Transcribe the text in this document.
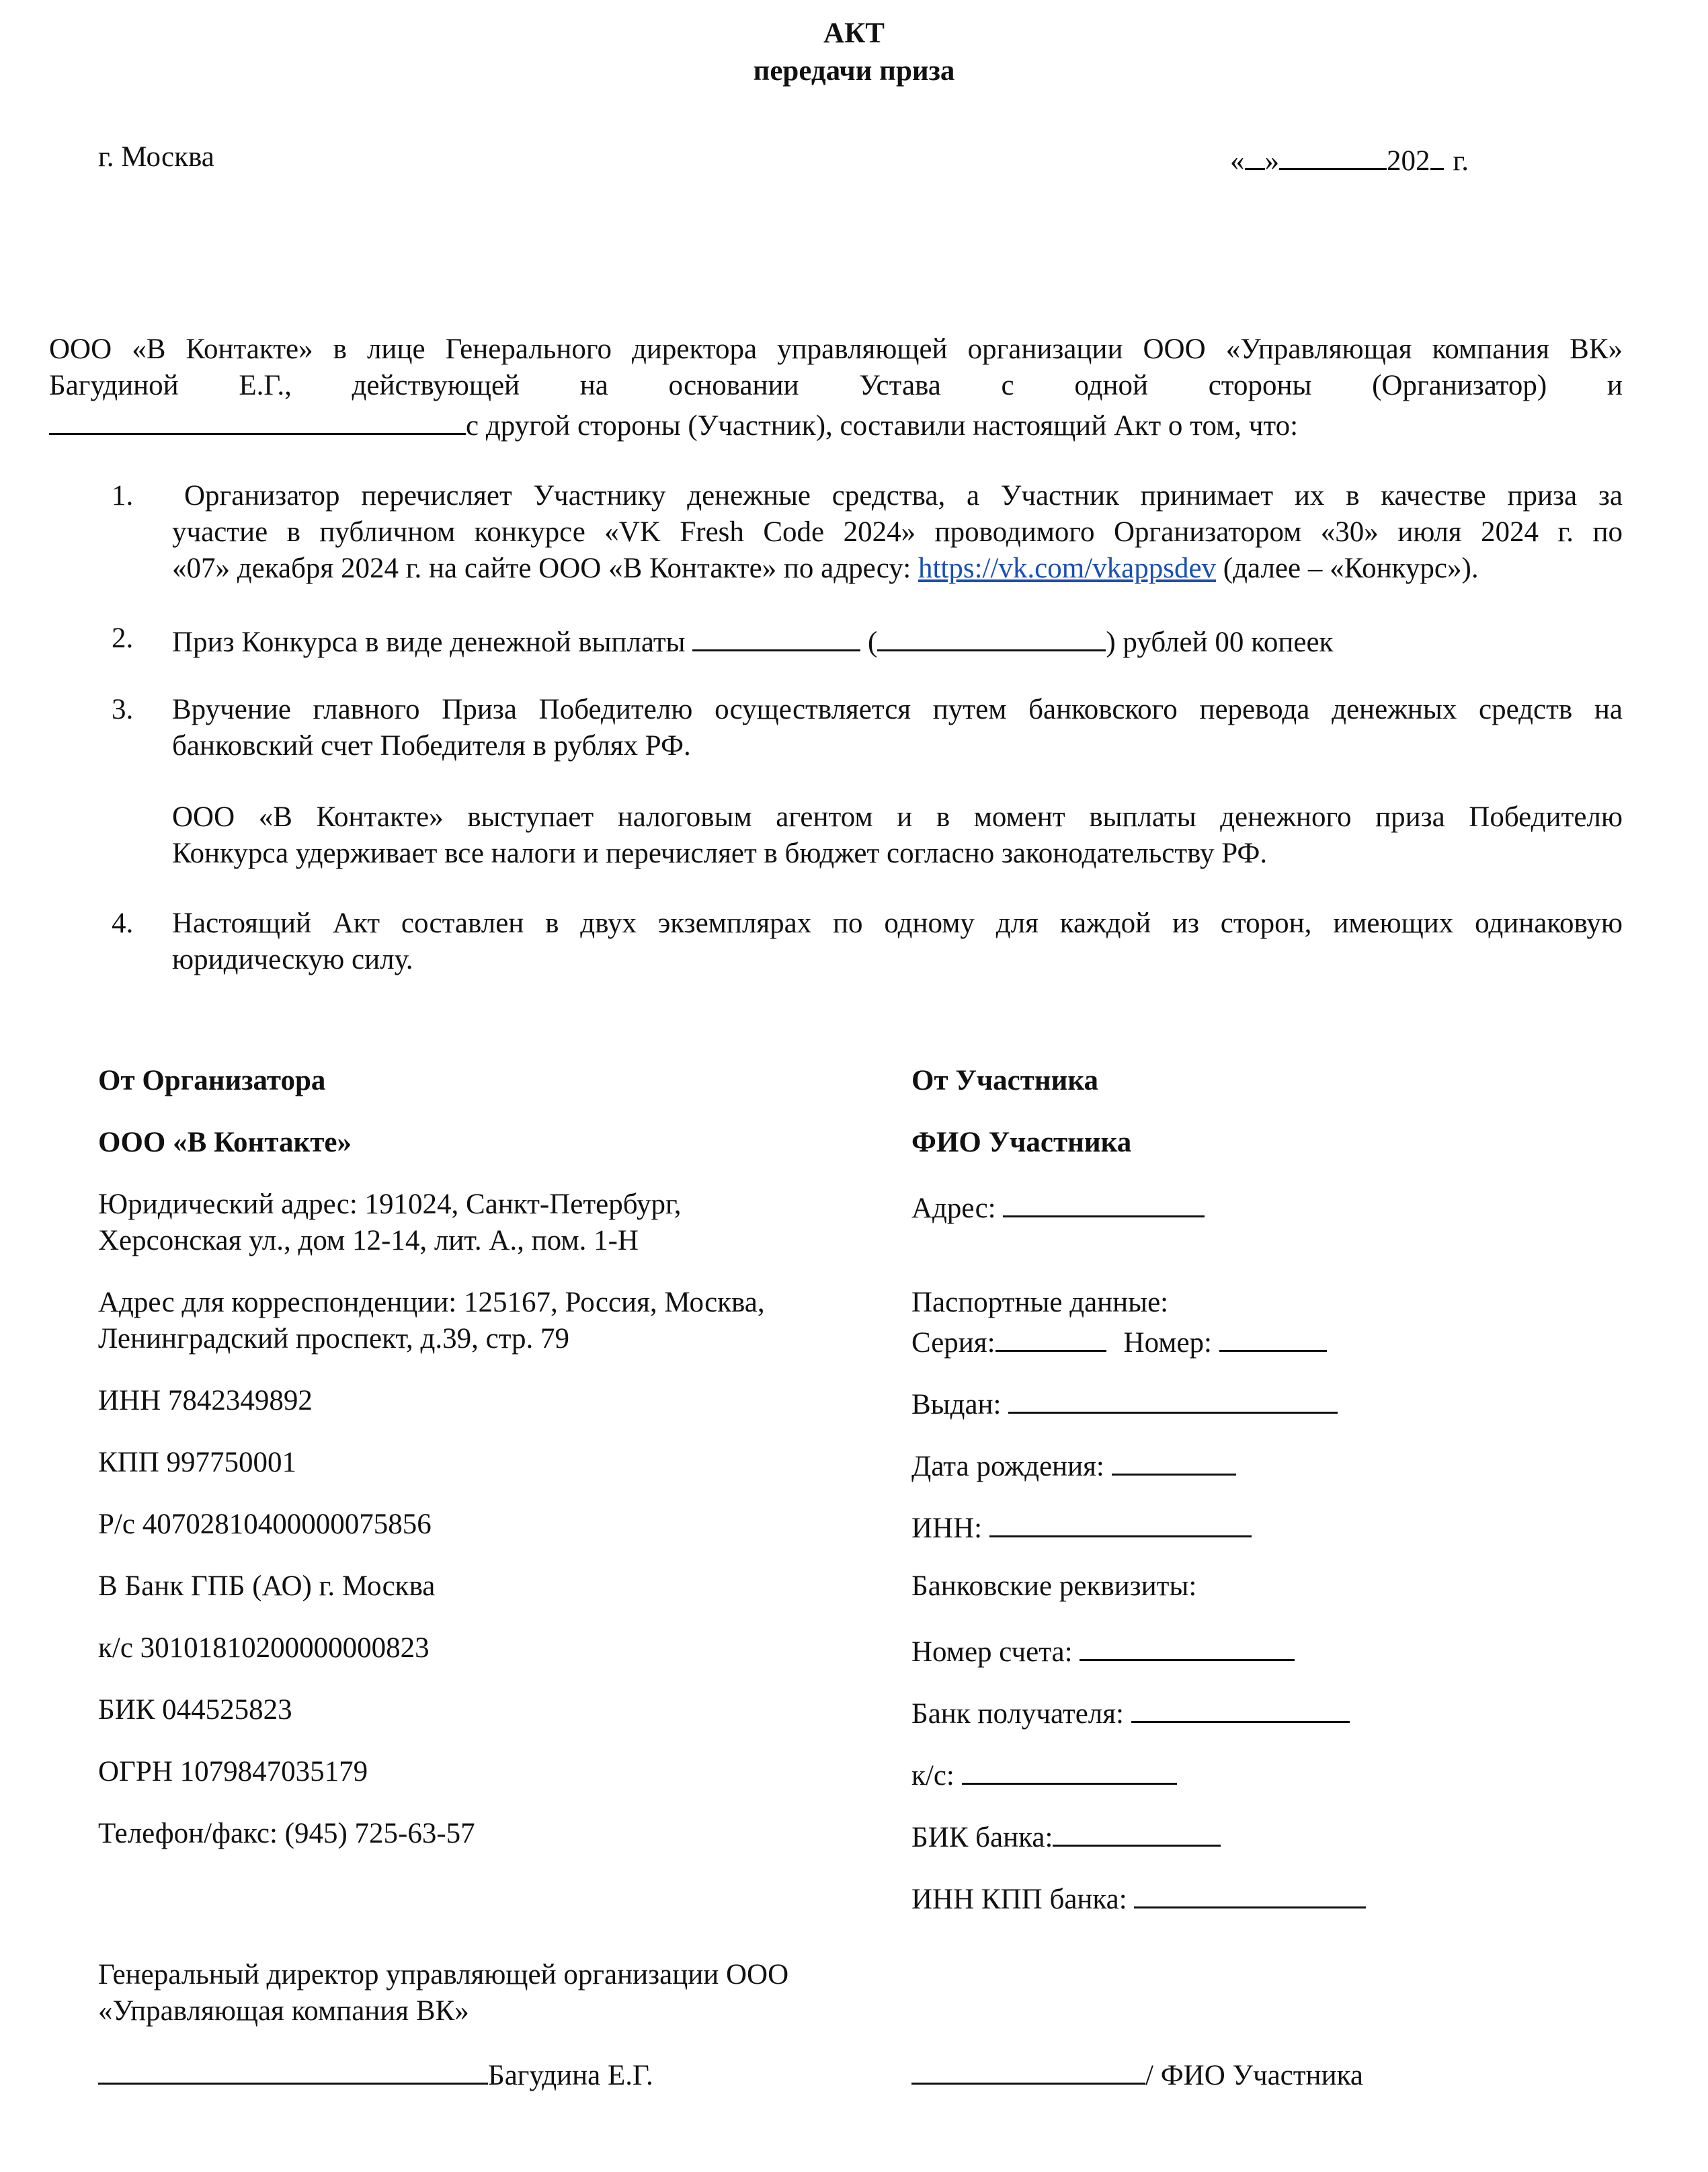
АКТ
передачи приза
г. Москва	« »	202 г.
ООО «В Контакте» в лице Генерального директора управляющей организации ООО «Управляющая компания ВК»
Багудиной Е.Г., действующей на основании Устава с одной стороны (Организатор) и
с другой стороны (Участник), составили настоящий Акт о том, что:
1.	Организатор перечисляет Участнику денежные средства, а Участник принимает их в качестве приза за
участие в публичном конкурсе «VK Fresh Code 2024» проводимого Организатором «30» июля 2024 г. по
«07» декабря 2024 г. на сайте ООО «В Контакте» по адресу: https://vk.com/vkappsdev (далее – «Конкурс»).
2.	Приз Конкурса в виде денежной выплаты	(	) рублей 00 копеек
3.	Вручение главного Приза Победителю осуществляется путем банковского перевода денежных средств на
банковский счет Победителя в рублях РФ.
ООО «В Контакте» выступает налоговым агентом и в момент выплаты денежного приза Победителю
Конкурса удерживает все налоги и перечисляет в бюджет согласно законодательству РФ.
4.	Настоящий Акт составлен в двух экземплярах по одному для каждой из сторон, имеющих одинаковую
юридическую силу.
От Организатора
ООО «В Контакте»
Юридический адрес: 191024, Санкт-Петербург,
Херсонская ул., дом 12-14, лит. А., пом. 1-Н
Адрес для корреспонденции: 125167, Россия, Москва,
Ленинградский проспект, д.39, стр. 79
ИНН 7842349892
КПП 997750001
Р/с 40702810400000075856
В Банк ГПБ (АО) г. Москва
к/с 30101810200000000823
БИК 044525823
ОГРН 1079847035179
Телефон/факс: (945) 725-63-57
Генеральный директор управляющей организации ООО
«Управляющая компания ВК»
Багудина Е.Г.
От Участника
ФИО Участника
Адрес:
Паспортные данные:
Серия:	Номер:
Выдан:
Дата рождения:
ИНН:
Банковские реквизиты:
Номер счета:
Банк получателя:
к/с:
БИК банка:
ИНН КПП банка:
/ ФИО Участника
